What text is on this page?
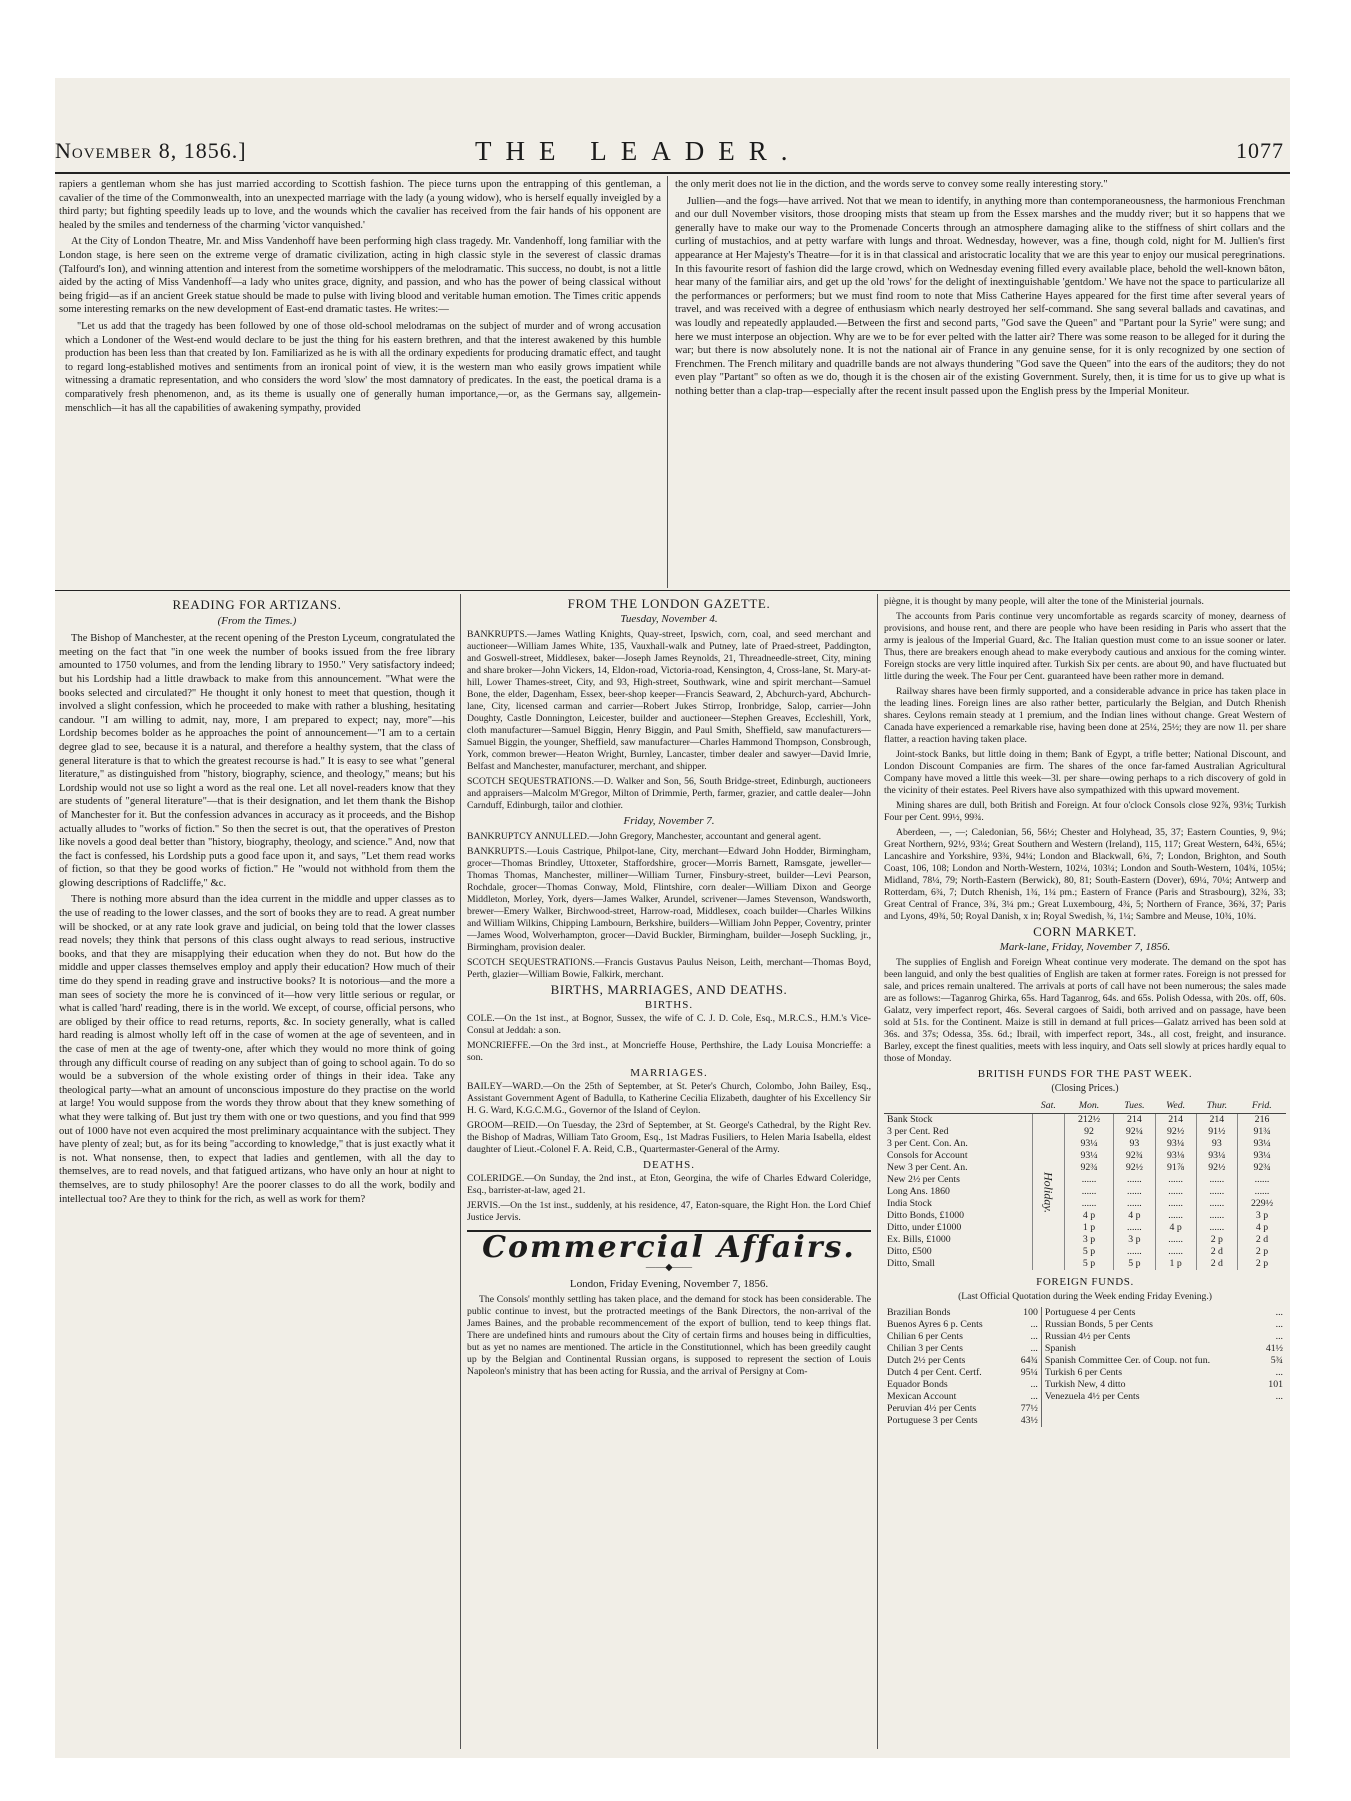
November 8, 1856.]	THE LEADER.	1077

rapiers a gentleman whom she has just married according to Scottish fashion. The piece turns upon the entrapping of this gentleman, a cavalier of the time of the Commonwealth, into an unexpected marriage with the lady (a young widow), who is herself equally inveigled by a third party; but fighting speedily leads up to love, and the wounds which the cavalier has received from the fair hands of his opponent are healed by the smiles and tenderness of the charming 'victor vanquished.'

At the City of London Theatre, Mr. and Miss Vandenhoff have been performing high class tragedy. Mr. Vandenhoff, long familiar with the London stage, is here seen on the extreme verge of dramatic civilization, acting in high classic style in the severest of classic dramas (Talfourd's Ion), and winning attention and interest from the sometime worshippers of the melodramatic. This success, no doubt, is not a little aided by the acting of Miss Vandenhoff—a lady who unites grace, dignity, and passion, and who has the power of being classical without being frigid—as if an ancient Greek statue should be made to pulse with living blood and veritable human emotion. The Times critic appends some interesting remarks on the new development of East-end dramatic tastes. He writes:—

"Let us add that the tragedy has been followed by one of those old-school melodramas on the subject of murder and of wrong accusation which a Londoner of the West-end would declare to be just the thing for his eastern brethren, and that the interest awakened by this humble production has been less than that created by Ion. Familiarized as he is with all the ordinary expedients for producing dramatic effect, and taught to regard long-established motives and sentiments from an ironical point of view, it is the western man who easily grows impatient while witnessing a dramatic representation, and who considers the word 'slow' the most damnatory of predicates. In the east, the poetical drama is a comparatively fresh phenomenon, and, as its theme is usually one of generally human importance,—or, as the Germans say, allgemein-menschlich—it has all the capabilities of awakening sympathy, provided

the only merit does not lie in the diction, and the words serve to convey some really interesting story."

Jullien—and the fogs—have arrived. Not that we mean to identify, in anything more than contemporaneousness, the harmonious Frenchman and our dull November visitors, those drooping mists that steam up from the Essex marshes and the muddy river; but it so happens that we generally have to make our way to the Promenade Concerts through an atmosphere damaging alike to the stiffness of shirt collars and the curling of mustachios, and at petty warfare with lungs and throat. Wednesday, however, was a fine, though cold, night for M. Jullien's first appearance at Her Majesty's Theatre—for it is in that classical and aristocratic locality that we are this year to enjoy our musical peregrinations. In this favourite resort of fashion did the large crowd, which on Wednesday evening filled every available place, behold the well-known bâton, hear many of the familiar airs, and get up the old 'rows' for the delight of inextinguishable 'gentdom.' We have not the space to particularize all the performances or performers; but we must find room to note that Miss Catherine Hayes appeared for the first time after several years of travel, and was received with a degree of enthusiasm which nearly destroyed her self-command. She sang several ballads and cavatinas, and was loudly and repeatedly applauded.—Between the first and second parts, "God save the Queen" and "Partant pour la Syrie" were sung; and here we must interpose an objection. Why are we to be for ever pelted with the latter air? There was some reason to be alleged for it during the war; but there is now absolutely none. It is not the national air of France in any genuine sense, for it is only recognized by one section of Frenchmen. The French military and quadrille bands are not always thundering "God save the Queen" into the ears of the auditors; they do not even play "Partant" so often as we do, though it is the chosen air of the existing Government. Surely, then, it is time for us to give up what is nothing better than a clap-trap—especially after the recent insult passed upon the English press by the Imperial Moniteur.

READING FOR ARTIZANS.
(From the Times.)

The Bishop of Manchester, at the recent opening of the Preston Lyceum, congratulated the meeting on the fact that "in one week the number of books issued from the free library amounted to 1750 volumes, and from the lending library to 1950." Very satisfactory indeed; but his Lordship had a little drawback to make from this announcement. "What were the books selected and circulated?" He thought it only honest to meet that question, though it involved a slight confession, which he proceeded to make with rather a blushing, hesitating candour. "I am willing to admit, nay, more, I am prepared to expect; nay, more"—his Lordship becomes bolder as he approaches the point of announcement—"I am to a certain degree glad to see, because it is a natural, and therefore a healthy system, that the class of general literature is that to which the greatest recourse is had." It is easy to see what "general literature," as distinguished from "history, biography, science, and theology," means; but his Lordship would not use so light a word as the real one. Let all novel-readers know that they are students of "general literature"—that is their designation, and let them thank the Bishop of Manchester for it. But the confession advances in accuracy as it proceeds, and the Bishop actually alludes to "works of fiction." So then the secret is out, that the operatives of Preston like novels a good deal better than "history, biography, theology, and science." And, now that the fact is confessed, his Lordship puts a good face upon it, and says, "Let them read works of fiction, so that they be good works of fiction." He "would not withhold from them the glowing descriptions of Radcliffe," &c.

There is nothing more absurd than the idea current in the middle and upper classes as to the use of reading to the lower classes, and the sort of books they are to read. A great number will be shocked, or at any rate look grave and judicial, on being told that the lower classes read novels; they think that persons of this class ought always to read serious, instructive books, and that they are misapplying their education when they do not. But how do the middle and upper classes themselves employ and apply their education? How much of their time do they spend in reading grave and instructive books? It is notorious—and the more a man sees of society the more he is convinced of it—how very little serious or regular, or what is called 'hard' reading, there is in the world. We except, of course, official persons, who are obliged by their office to read returns, reports, &c. In society generally, what is called hard reading is almost wholly left off in the case of women at the age of seventeen, and in the case of men at the age of twenty-one, after which they would no more think of going through any difficult course of reading on any subject than of going to school again. To do so would be a subversion of the whole existing order of things in their idea. Take any theological party—what an amount of unconscious imposture do they practise on the world at large! You would suppose from the words they throw about that they knew something of what they were talking of. But just try them with one or two questions, and you find that 999 out of 1000 have not even acquired the most preliminary acquaintance with the subject. They have plenty of zeal; but, as for its being "according to knowledge," that is just exactly what it is not. What nonsense, then, to expect that ladies and gentlemen, with all the day to themselves, are to read novels, and that fatigued artizans, who have only an hour at night to themselves, are to study philosophy! Are the poorer classes to do all the work, bodily and intellectual too? Are they to think for the rich, as well as work for them?

FROM THE LONDON GAZETTE.
Tuesday, November 4.

BANKRUPTS.—James Watling Knights, Quay-street, Ipswich, corn, coal, and seed merchant and auctioneer—William James White, 135, Vauxhall-walk and Putney, late of Praed-street, Paddington, and Goswell-street, Middlesex, baker—Joseph James Reynolds, 21, Threadneedle-street, City, mining and share broker—John Vickers, 14, Eldon-road, Victoria-road, Kensington, 4, Cross-lane, St. Mary-at-hill, Lower Thames-street, City, and 93, High-street, Southwark, wine and spirit merchant—Samuel Bone, the elder, Dagenham, Essex, beer-shop keeper—Francis Seaward, 2, Abchurch-yard, Abchurch-lane, City, licensed carman and carrier—Robert Jukes Stirrop, Ironbridge, Salop, carrier—John Doughty, Castle Donnington, Leicester, builder and auctioneer—Stephen Greaves, Eccleshill, York, cloth manufacturer—Samuel Biggin, Henry Biggin, and Paul Smith, Sheffield, saw manufacturers—Samuel Biggin, the younger, Sheffield, saw manufacturer—Charles Hammond Thompson, Consbrough, York, common brewer—Heaton Wright, Burnley, Lancaster, timber dealer and sawyer—David Imrie, Belfast and Manchester, manufacturer, merchant, and shipper.

SCOTCH SEQUESTRATIONS.—D. Walker and Son, 56, South Bridge-street, Edinburgh, auctioneers and appraisers—Malcolm M'Gregor, Milton of Drimmie, Perth, farmer, grazier, and cattle dealer—John Carnduff, Edinburgh, tailor and clothier.

Friday, November 7.

BANKRUPTCY ANNULLED.—John Gregory, Manchester, accountant and general agent.

BANKRUPTS.—Louis Castrique, Philpot-lane, City, merchant—Edward John Hodder, Birmingham, grocer—Thomas Brindley, Uttoxeter, Staffordshire, grocer—Morris Barnett, Ramsgate, jeweller—Thomas Thomas, Manchester, milliner—William Turner, Finsbury-street, builder—Levi Pearson, Rochdale, grocer—Thomas Conway, Mold, Flintshire, corn dealer—William Dixon and George Middleton, Morley, York, dyers—James Walker, Arundel, scrivener—James Stevenson, Wandsworth, brewer—Emery Walker, Birchwood-street, Harrow-road, Middlesex, coach builder—Charles Wilkins and William Wilkins, Chipping Lambourn, Berkshire, builders—William John Pepper, Coventry, printer—James Wood, Wolverhampton, grocer—David Buckler, Birmingham, builder—Joseph Suckling, jr., Birmingham, provision dealer.

SCOTCH SEQUESTRATIONS.—Francis Gustavus Paulus Neison, Leith, merchant—Thomas Boyd, Perth, glazier—William Bowie, Falkirk, merchant.

BIRTHS, MARRIAGES, AND DEATHS.
BIRTHS.

COLE.—On the 1st inst., at Bognor, Sussex, the wife of C. J. D. Cole, Esq., M.R.C.S., H.M.'s Vice-Consul at Jeddah: a son.

MONCRIEFFE.—On the 3rd inst., at Moncrieffe House, Perthshire, the Lady Louisa Moncrieffe: a son.

MARRIAGES.

BAILEY—WARD.—On the 25th of September, at St. Peter's Church, Colombo, John Bailey, Esq., Assistant Government Agent of Badulla, to Katherine Cecilia Elizabeth, daughter of his Excellency Sir H. G. Ward, K.G.C.M.G., Governor of the Island of Ceylon.

GROOM—REID.—On Tuesday, the 23rd of September, at St. George's Cathedral, by the Right Rev. the Bishop of Madras, William Tato Groom, Esq., 1st Madras Fusiliers, to Helen Maria Isabella, eldest daughter of Lieut.-Colonel F. A. Reid, C.B., Quartermaster-General of the Army.

DEATHS.

COLERIDGE.—On Sunday, the 2nd inst., at Eton, Georgina, the wife of Charles Edward Coleridge, Esq., barrister-at-law, aged 21.

JERVIS.—On the 1st inst., suddenly, at his residence, 47, Eaton-square, the Right Hon. the Lord Chief Justice Jervis.

Commercial Affairs.
——◆——
London, Friday Evening, November 7, 1856.

The Consols' monthly settling has taken place, and the demand for stock has been considerable. The public continue to invest, but the protracted meetings of the Bank Directors, the non-arrival of the James Baines, and the probable recommencement of the export of bullion, tend to keep things flat. There are undefined hints and rumours about the City of certain firms and houses being in difficulties, but as yet no names are mentioned. The article in the Constitutionnel, which has been greedily caught up by the Belgian and Continental Russian organs, is supposed to represent the section of Louis Napoleon's ministry that has been acting for Russia, and the arrival of Persigny at Com-

piègne, it is thought by many people, will alter the tone of the Ministerial journals.

The accounts from Paris continue very uncomfortable as regards scarcity of money, dearness of provisions, and house rent, and there are people who have been residing in Paris who assert that the army is jealous of the Imperial Guard, &c. The Italian question must come to an issue sooner or later. Thus, there are breakers enough ahead to make everybody cautious and anxious for the coming winter. Foreign stocks are very little inquired after. Turkish Six per cents. are about 90, and have fluctuated but little during the week. The Four per Cent. guaranteed have been rather more in demand.

Railway shares have been firmly supported, and a considerable advance in price has taken place in the leading lines. Foreign lines are also rather better, particularly the Belgian, and Dutch Rhenish shares. Ceylons remain steady at 1 premium, and the Indian lines without change. Great Western of Canada have experienced a remarkable rise, having been done at 25¼, 25½; they are now 1l. per share flatter, a reaction having taken place.

Joint-stock Banks, but little doing in them; Bank of Egypt, a trifle better; National Discount, and London Discount Companies are firm. The shares of the once far-famed Australian Agricultural Company have moved a little this week—3l. per share—owing perhaps to a rich discovery of gold in the vicinity of their estates. Peel Rivers have also sympathized with this upward movement.

Mining shares are dull, both British and Foreign. At four o'clock Consols close 92⅞, 93⅛; Turkish Four per Cent. 99½, 99¾.

Aberdeen, —, —; Caledonian, 56, 56½; Chester and Holyhead, 35, 37; Eastern Counties, 9, 9¼; Great Northern, 92½, 93¼; Great Southern and Western (Ireland), 115, 117; Great Western, 64¾, 65¼; Lancashire and Yorkshire, 93¾, 94¼; London and Blackwall, 6¾, 7; London, Brighton, and South Coast, 106, 108; London and North-Western, 102¼, 103¼; London and South-Western, 104¾, 105¼; Midland, 78¼, 79; North-Eastern (Berwick), 80, 81; South-Eastern (Dover), 69¼, 70¼; Antwerp and Rotterdam, 6¾, 7; Dutch Rhenish, 1¾, 1¼ pm.; Eastern of France (Paris and Strasbourg), 32¾, 33; Great Central of France, 3¾, 3¼ pm.; Great Luxembourg, 4¾, 5; Northern of France, 36¾, 37; Paris and Lyons, 49¾, 50; Royal Danish, x in; Royal Swedish, ¾, 1¼; Sambre and Meuse, 10¾, 10¾.

CORN MARKET.
Mark-lane, Friday, November 7, 1856.

The supplies of English and Foreign Wheat continue very moderate. The demand on the spot has been languid, and only the best qualities of English are taken at former rates. Foreign is not pressed for sale, and prices remain unaltered. The arrivals at ports of call have not been numerous; the sales made are as follows:—Taganrog Ghirka, 65s. Hard Taganrog, 64s. and 65s. Polish Odessa, with 20s. off, 60s. Galatz, very imperfect report, 46s. Several cargoes of Saidi, both arrived and on passage, have been sold at 51s. for the Continent. Maize is still in demand at full prices—Galatz arrived has been sold at 36s. and 37s; Odessa, 35s. 6d.; Ibrail, with imperfect report, 34s., all cost, freight, and insurance. Barley, except the finest qualities, meets with less inquiry, and Oats sell slowly at prices hardly equal to those of Monday.

BRITISH FUNDS FOR THE PAST WEEK.
(Closing Prices.)
	Sat.	Mon.	Tues.	Wed.	Thur.	Frid.
Bank Stock	Holiday.	212½	214	214	214	216
3 per Cent. Red		92	92¼	92½	91½	91¾
3 per Cent. Con. An.		93¼	93	93¼	93	93¼
Consols for Account		93¼	92¾	93⅛	93¼	93¼
New 3 per Cent. An.		92¾	92½	91⅞	92½	92¾
New 2½ per Cents		......	......	......	......	......
Long Ans. 1860		......	......	......	......	......
India Stock		......	......	......	......	229½
Ditto Bonds, £1000		4 p	4 p	......	......	3 p
Ditto, under £1000		1 p	......	4 p	......	4 p
Ex. Bills, £1000		3 p	3 p	......	2 p	2 d
Ditto, £500		5 p	......	......	2 d	2 p
Ditto, Small		5 p	5 p	1 p	2 d	2 p
FOREIGN FUNDS.
(Last Official Quotation during the Week ending Friday Evening.)
Brazilian Bonds	100	Portuguese 4 per Cents	...
Buenos Ayres 6 p. Cents	...	Russian Bonds, 5 per Cents	...
Chilian 6 per Cents	...	Russian 4½ per Cents	...
Chilian 3 per Cents	...	Spanish	41½
Dutch 2½ per Cents	64¾	Spanish Committee Cer. of Coup. not fun.	5¾
Dutch 4 per Cent. Certf.	95¼	Turkish 6 per Cents	...
Equador Bonds	...	Turkish New, 4 ditto	101
Mexican Account	...	Venezuela 4½ per Cents	...
Peruvian 4½ per Cents	77½		
Portuguese 3 per Cents	43½		
